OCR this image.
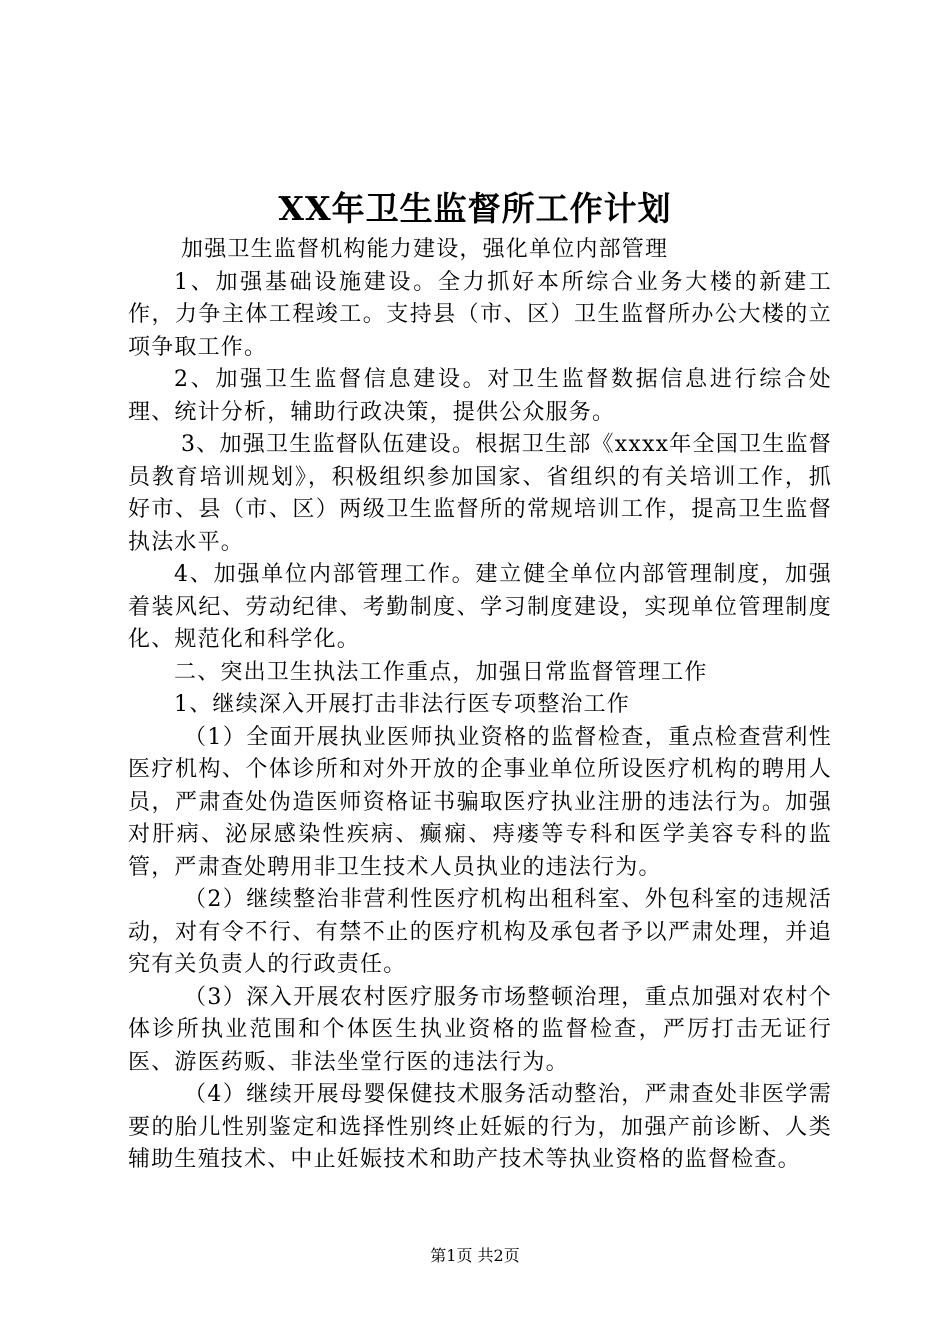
XX年卫生监督所工作计划

加强卫生监督机构能力建设，强化单位内部管理

1、加强基础设施建设。全力抓好本所综合业务大楼的新建工作，力争主体工程竣工。支持县（市、区）卫生监督所办公大楼的立项争取工作。

2、加强卫生监督信息建设。对卫生监督数据信息进行综合处理、统计分析，辅助行政决策，提供公众服务。

3、加强卫生监督队伍建设。根据卫生部《xxxx年全国卫生监督员教育培训规划》，积极组织参加国家、省组织的有关培训工作，抓好市、县（市、区）两级卫生监督所的常规培训工作，提高卫生监督执法水平。

4、加强单位内部管理工作。建立健全单位内部管理制度，加强着装风纪、劳动纪律、考勤制度、学习制度建设，实现单位管理制度化、规范化和科学化。

二、突出卫生执法工作重点，加强日常监督管理工作

1、继续深入开展打击非法行医专项整治工作

（1）全面开展执业医师执业资格的监督检查，重点检查营利性医疗机构、个体诊所和对外开放的企事业单位所设医疗机构的聘用人员，严肃查处伪造医师资格证书骗取医疗执业注册的违法行为。加强对肝病、泌尿感染性疾病、癫痫、痔瘘等专科和医学美容专科的监管，严肃查处聘用非卫生技术人员执业的违法行为。

（2）继续整治非营利性医疗机构出租科室、外包科室的违规活动，对有令不行、有禁不止的医疗机构及承包者予以严肃处理，并追究有关负责人的行政责任。

（3）深入开展农村医疗服务市场整顿治理，重点加强对农村个体诊所执业范围和个体医生执业资格的监督检查，严厉打击无证行医、游医药贩、非法坐堂行医的违法行为。

（4）继续开展母婴保健技术服务活动整治，严肃查处非医学需要的胎儿性别鉴定和选择性别终止妊娠的行为，加强产前诊断、人类辅助生殖技术、中止妊娠技术和助产技术等执业资格的监督检查。

第1页 共2页
